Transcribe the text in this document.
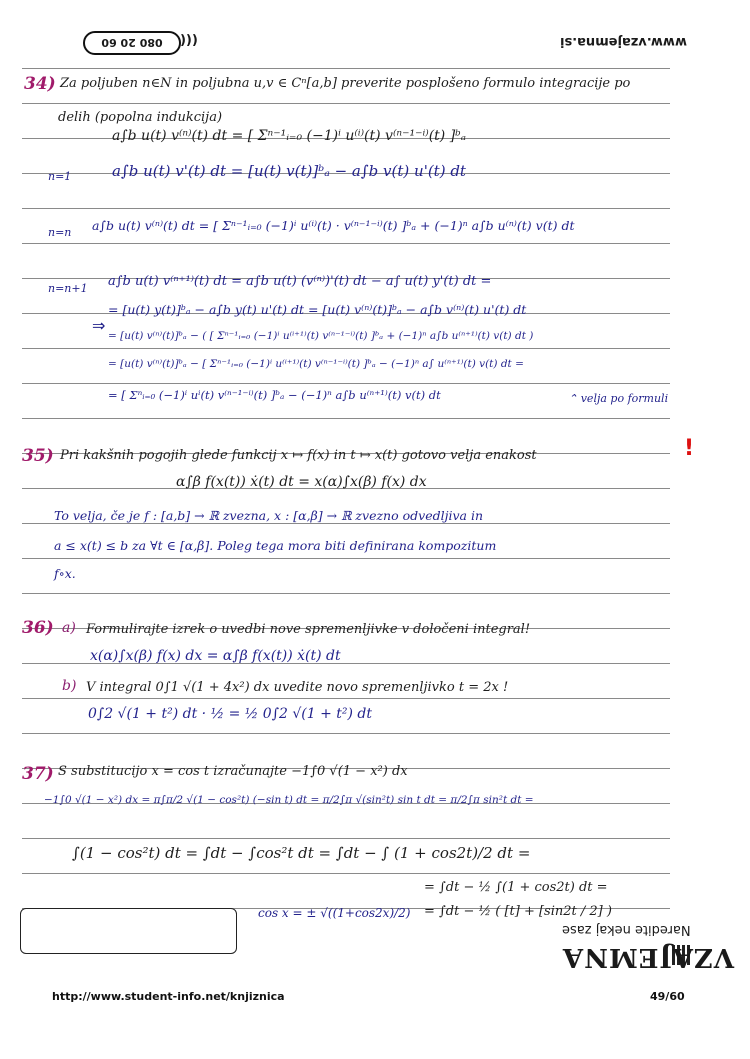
080 20 60 (((	www.vzajemna.si
34) Za poljuben n∈N in poljubna u,v ∈ Cⁿ[a,b] preverite posplošeno formulo integracije po
delih (popolna indukcija)
a∫b u(t) v⁽ⁿ⁾(t) dt = [ Σⁿ⁻¹ᵢ₌₀ (−1)ⁱ u⁽ⁱ⁾(t) v⁽ⁿ⁻¹⁻ⁱ⁾(t) ]ᵇₐ
n=1	a∫b u(t) v'(t) dt = [u(t) v(t)]ᵇₐ − a∫b v(t) u'(t) dt
n=n a∫b u(t) v⁽ⁿ⁾(t) dt = [ Σⁿ⁻¹ᵢ₌₀ (−1)ⁱ u⁽ⁱ⁾(t) · v⁽ⁿ⁻¹⁻ⁱ⁾(t) ]ᵇₐ + (−1)ⁿ a∫b u⁽ⁿ⁾(t) v(t) dt
n=n+1 a∫b u(t) v⁽ⁿ⁺¹⁾(t) dt = a∫b u(t) (v⁽ⁿ⁾)'(t) dt − a∫ u(t) y'(t) dt =
= [u(t) y(t)]ᵇₐ − a∫b y(t) u'(t) dt = [u(t) v⁽ⁿ⁾(t)]ᵇₐ − a∫b v⁽ⁿ⁾(t) u'(t) dt
⇒
= [u(t) v⁽ⁿ⁾(t)]ᵇₐ − ( [ Σⁿ⁻¹ᵢ₌₀ (−1)ⁱ u⁽ⁱ⁺¹⁾(t) v⁽ⁿ⁻¹⁻ⁱ⁾(t) ]ᵇₐ + (−1)ⁿ a∫b u⁽ⁿ⁺¹⁾(t) v(t) dt )
= [u(t) v⁽ⁿ⁾(t)]ᵇₐ − [ Σⁿ⁻¹ᵢ₌₀ (−1)ⁱ u⁽ⁱ⁺¹⁾(t) v⁽ⁿ⁻¹⁻ⁱ⁾(t) ]ᵇₐ − (−1)ⁿ a∫ u⁽ⁿ⁺¹⁾(t) v(t) dt =
= [ Σⁿᵢ₌₀ (−1)ⁱ uⁱ(t) v⁽ⁿ⁻¹⁻ⁱ⁾(t) ]ᵇₐ − (−1)ⁿ a∫b u⁽ⁿ⁺¹⁾(t) v(t) dt	⌃ velja po formuli
35) Pri kakšnih pogojih glede funkcij x ↦ f(x) in t ↦ x(t) gotovo velja enakost	!
α∫β f(x(t)) ẋ(t) dt = x(α)∫x(β) f(x) dx
To velja, če je f : [a,b] → ℝ zvezna, x : [α,β] → ℝ zvezno odvedljiva in
a ≤ x(t) ≤ b za ∀t ∈ [α,β]. Poleg tega mora biti definirana kompozitum
f∘x.
36) a) Formulirajte izrek o uvedbi nove spremenljivke v določeni integral!
x(α)∫x(β) f(x) dx = α∫β f(x(t)) ẋ(t) dt
b) V integral 0∫1 √(1 + 4x²) dx uvedite novo spremenljivko t = 2x !
0∫2 √(1 + t²) dt · ½ = ½ 0∫2 √(1 + t²) dt
37) S substitucijo x = cos t izračunajte −1∫0 √(1 − x²) dx
−1∫0 √(1 − x²) dx = π∫π/2 √(1 − cos²t) (−sin t) dt = π/2∫π √(sin²t) sin t dt = π/2∫π sin²t dt =
∫(1 − cos²t) dt = ∫dt − ∫cos²t dt = ∫dt − ∫ (1 + cos2t)/2 dt =
cos x = ± √((1+cos2x)/2)
= ∫dt − ½ ∫(1 + cos2t) dt =
= ∫dt − ½ ( [t] + [sin2t / 2] )
VZAJEMNA
Naredite nekaj zase
http://www.student-info.net/knjiznica	49/60
